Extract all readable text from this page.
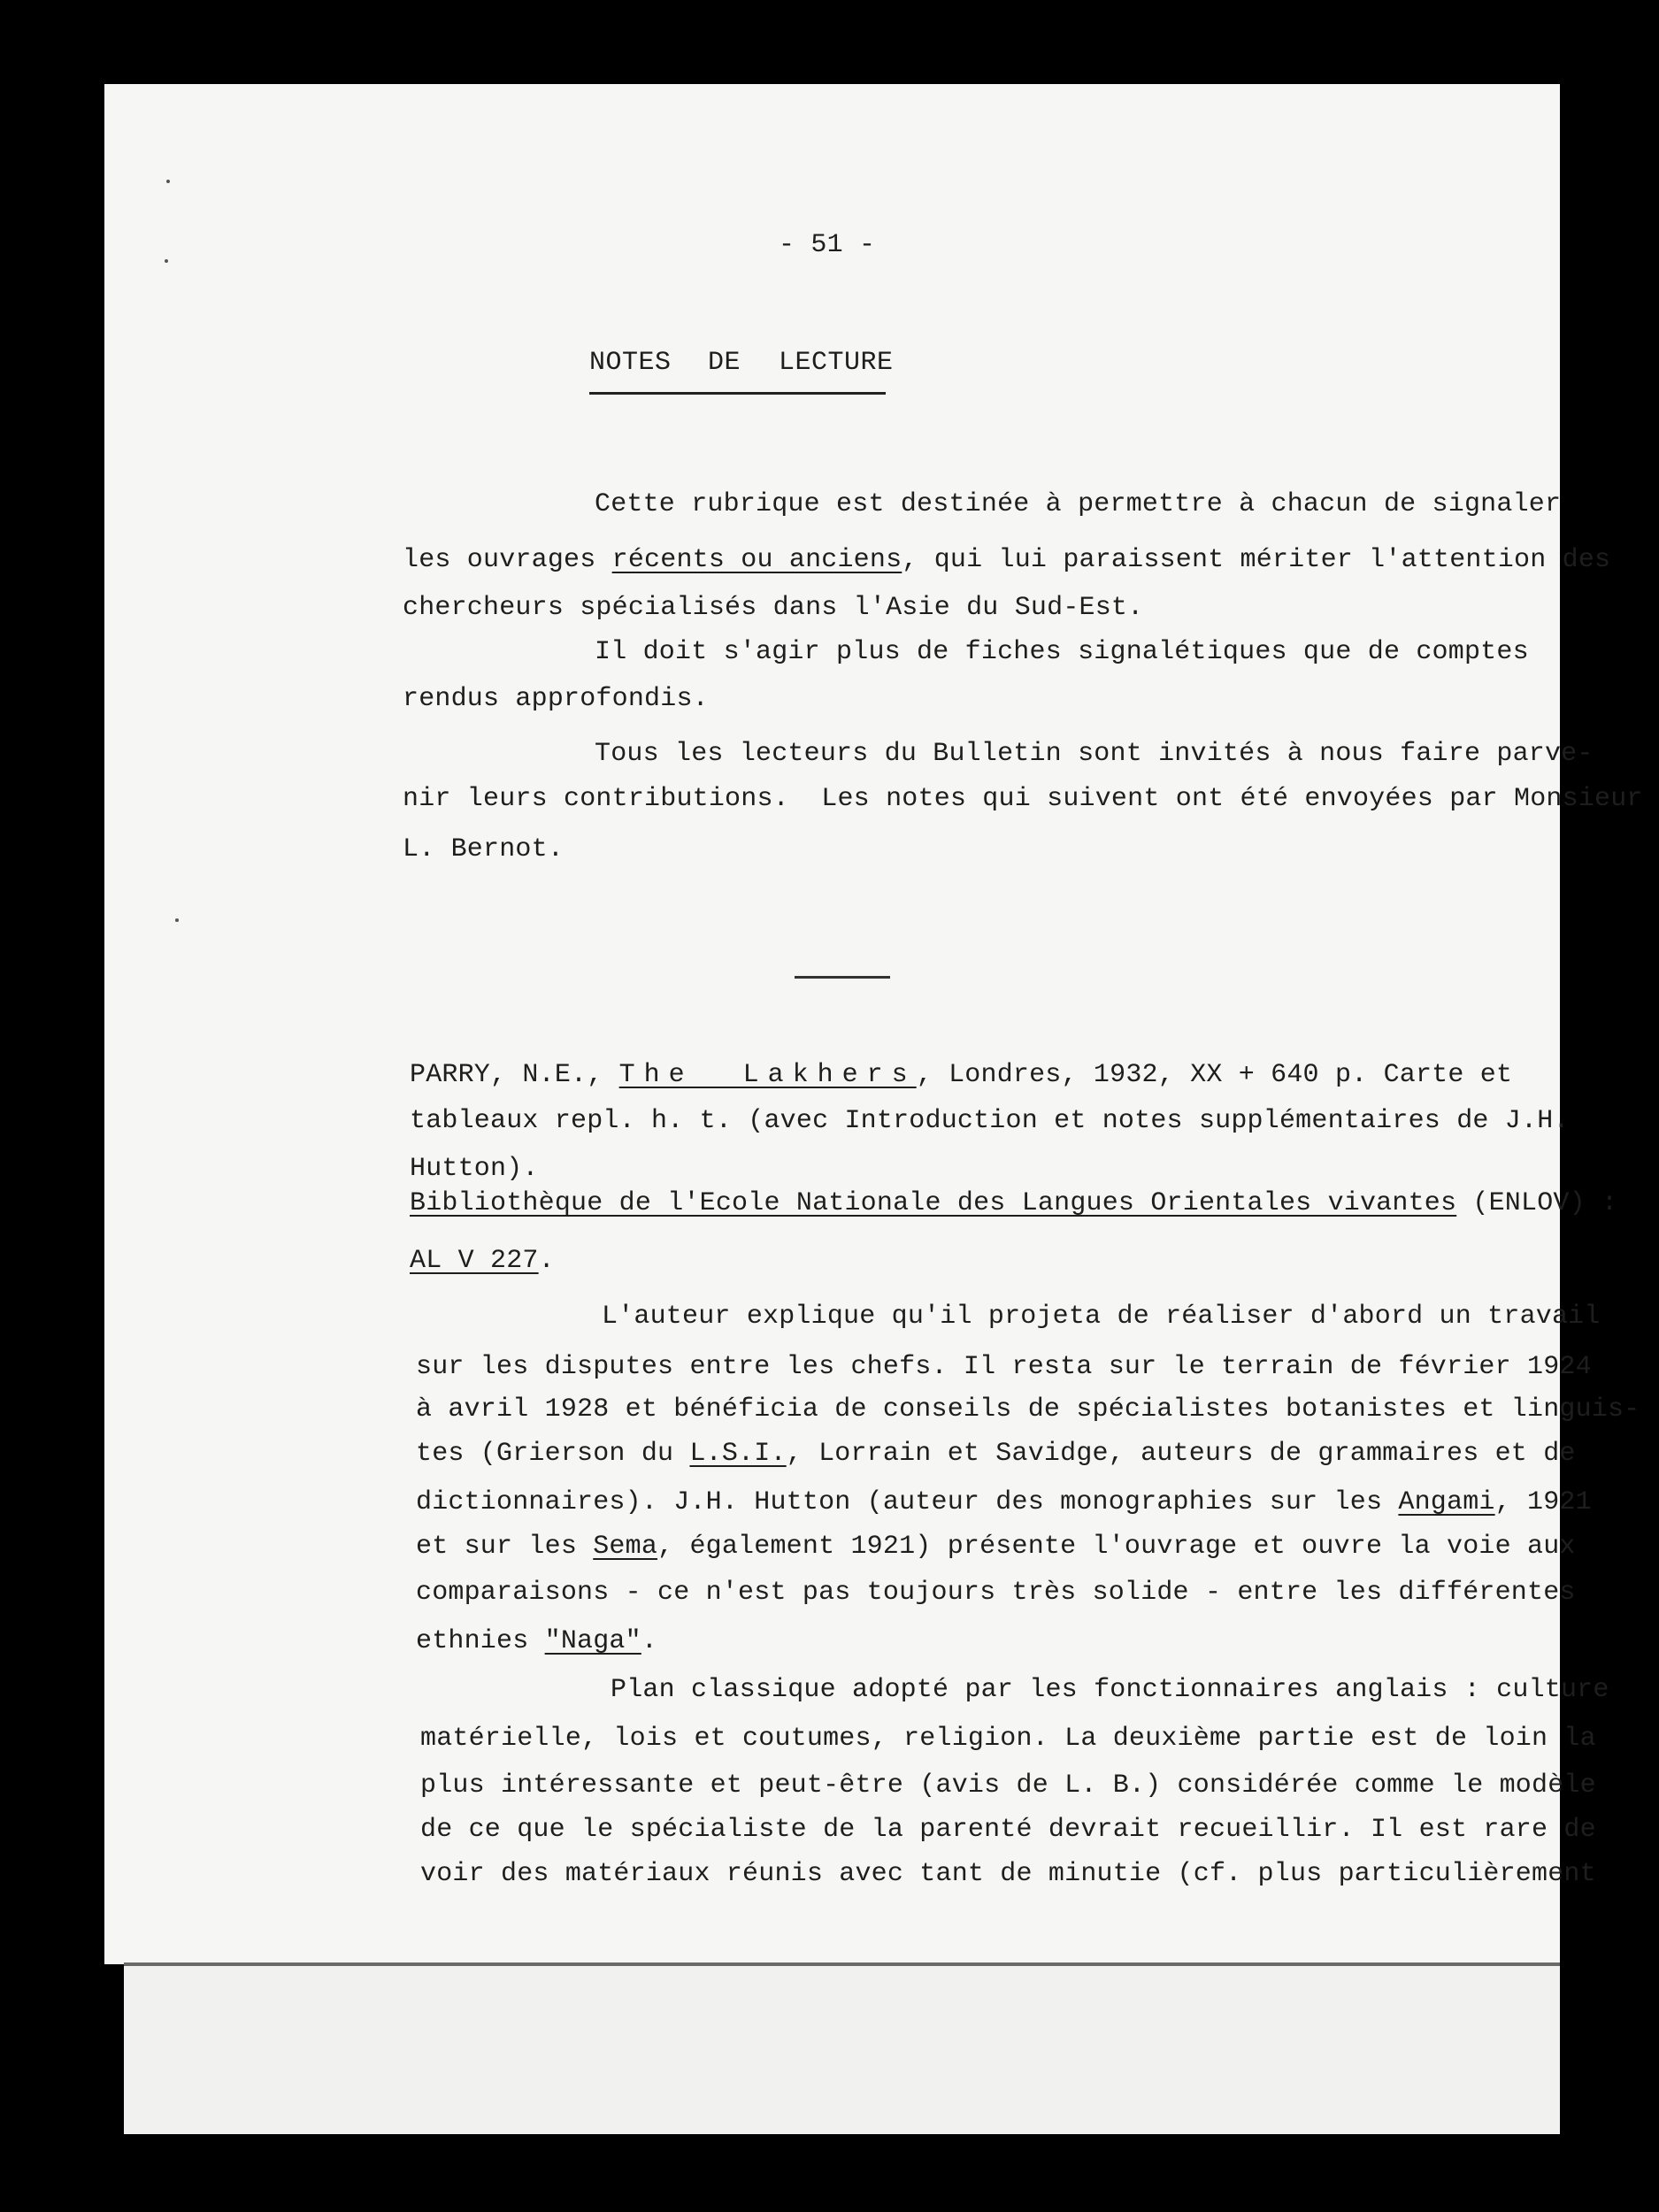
- 51 -
NOTES DE LECTURE
Cette rubrique est destinée à permettre à chacun de signaler
les ouvrages récents ou anciens, qui lui paraissent mériter l'attention des
chercheurs spécialisés dans l'Asie du Sud-Est.
Il doit s'agir plus de fiches signalétiques que de comptes
rendus approfondis.
Tous les lecteurs du Bulletin sont invités à nous faire parve-
nir leurs contributions.  Les notes qui suivent ont été envoyées par Monsieur
L. Bernot.
PARRY, N.E., The  Lakhers, Londres, 1932, XX + 640 p. Carte et
tableaux repl. h. t. (avec Introduction et notes supplémentaires de J.H.
Hutton).
Bibliothèque de l'Ecole Nationale des Langues Orientales vivantes (ENLOV) :
AL V 227.
L'auteur explique qu'il projeta de réaliser d'abord un travail
sur les disputes entre les chefs. Il resta sur le terrain de février 1924
à avril 1928 et bénéficia de conseils de spécialistes botanistes et linguis-
tes (Grierson du L.S.I., Lorrain et Savidge, auteurs de grammaires et de
dictionnaires). J.H. Hutton (auteur des monographies sur les Angami, 1921
et sur les Sema, également 1921) présente l'ouvrage et ouvre la voie aux
comparaisons - ce n'est pas toujours très solide - entre les différentes
ethnies "Naga".
Plan classique adopté par les fonctionnaires anglais : culture
matérielle, lois et coutumes, religion. La deuxième partie est de loin la
plus intéressante et peut-être (avis de L. B.) considérée comme le modèle
de ce que le spécialiste de la parenté devrait recueillir. Il est rare de
voir des matériaux réunis avec tant de minutie (cf. plus particulièrement
